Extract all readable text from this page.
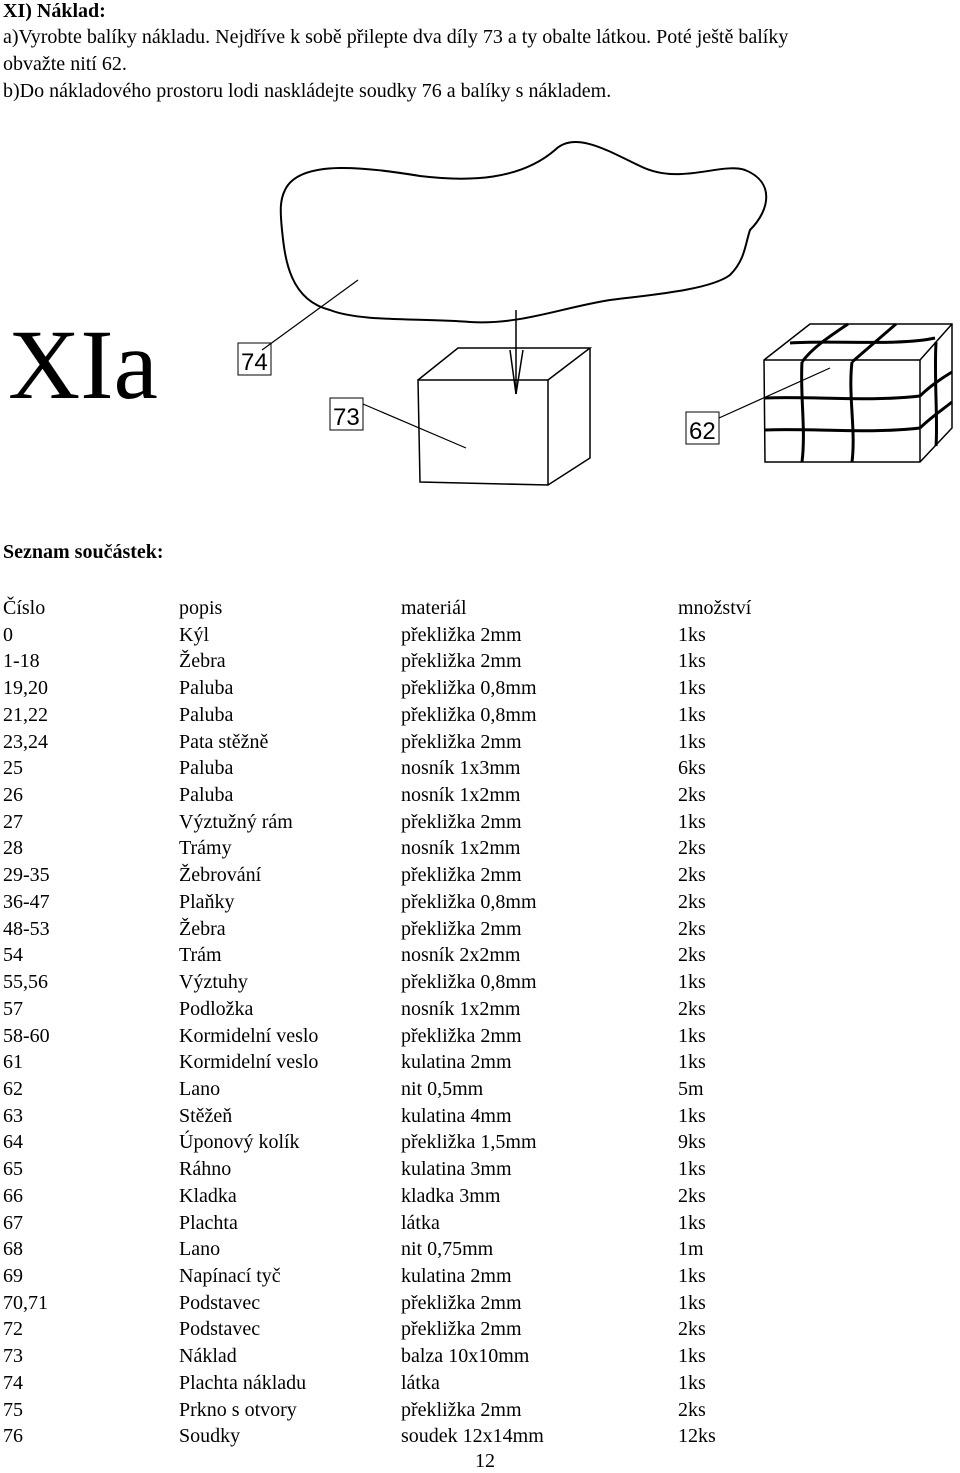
XI) Náklad:
a)Vyrobte balíky nákladu. Nejdříve k sobě přilepte dva díly 73 a ty obalte látkou. Poté ještě balíky
obvažte nití 62.
b)Do nákladového prostoru lodi naskládejte soudky 76 a balíky s nákladem.
XIa	74
73
62
Seznam součástek:
Číslo	popis	materiál	množství
0	Kýl	překližka 2mm	1ks
1-18	Žebra	překližka 2mm	1ks
19,20	Paluba	překližka 0,8mm	1ks
21,22	Paluba	překližka 0,8mm	1ks
23,24	Pata stěžně	překližka 2mm	1ks
25	Paluba	nosník 1x3mm	6ks
26	Paluba	nosník 1x2mm	2ks
27	Výztužný rám	překližka 2mm	1ks
28	Trámy	nosník 1x2mm	2ks
29-35	Žebrování	překližka 2mm	2ks
36-47	Plaňky	překližka 0,8mm	2ks
48-53	Žebra	překližka 2mm	2ks
54	Trám	nosník 2x2mm	2ks
55,56	Výztuhy	překližka 0,8mm	1ks
57	Podložka	nosník 1x2mm	2ks
58-60	Kormidelní veslo	překližka 2mm	1ks
61	Kormidelní veslo	kulatina 2mm	1ks
62	Lano	nit 0,5mm	5m
63	Stěžeň	kulatina 4mm	1ks
64	Úponový kolík	překližka 1,5mm	9ks
65	Ráhno	kulatina 3mm	1ks
66	Kladka	kladka 3mm	2ks
67	Plachta	látka	1ks
68	Lano	nit 0,75mm	1m
69	Napínací tyč	kulatina 2mm	1ks
70,71	Podstavec	překližka 2mm	1ks
72	Podstavec	překližka 2mm	2ks
73	Náklad	balza 10x10mm	1ks
74	Plachta nákladu	látka	1ks
75	Prkno s otvory	překližka 2mm	2ks
76	Soudky	soudek 12x14mm	12ks
12
